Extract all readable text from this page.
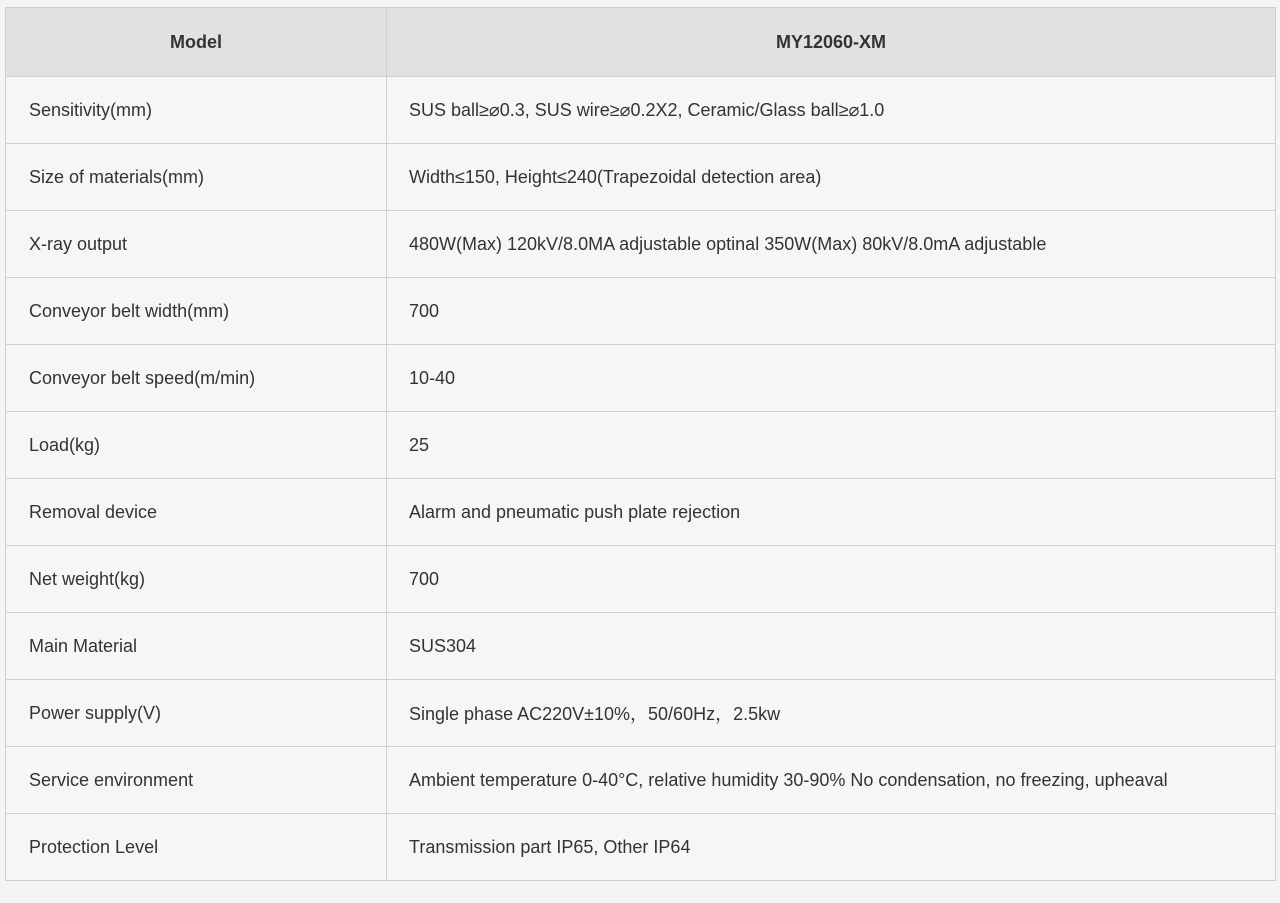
Model	MY12060-XM
Sensitivity(mm)	SUS ball≥⌀0.3, SUS wire≥⌀0.2X2, Ceramic/Glass ball≥⌀1.0
Size of materials(mm)	Width≤150, Height≤240(Trapezoidal detection area)
X-ray output	480W(Max) 120kV/8.0MA adjustable optinal 350W(Max) 80kV/8.0mA adjustable
Conveyor belt width(mm)	700
Conveyor belt speed(m/min)	10-40
Load(kg)	25
Removal device	Alarm and pneumatic push plate rejection
Net weight(kg)	700
Main Material	SUS304
Power supply(V)	Single phase AC220V±10%，50/60Hz，2.5kw
Service environment	Ambient temperature 0-40°C, relative humidity 30-90% No condensation, no freezing, upheaval
Protection Level	Transmission part IP65, Other IP64
